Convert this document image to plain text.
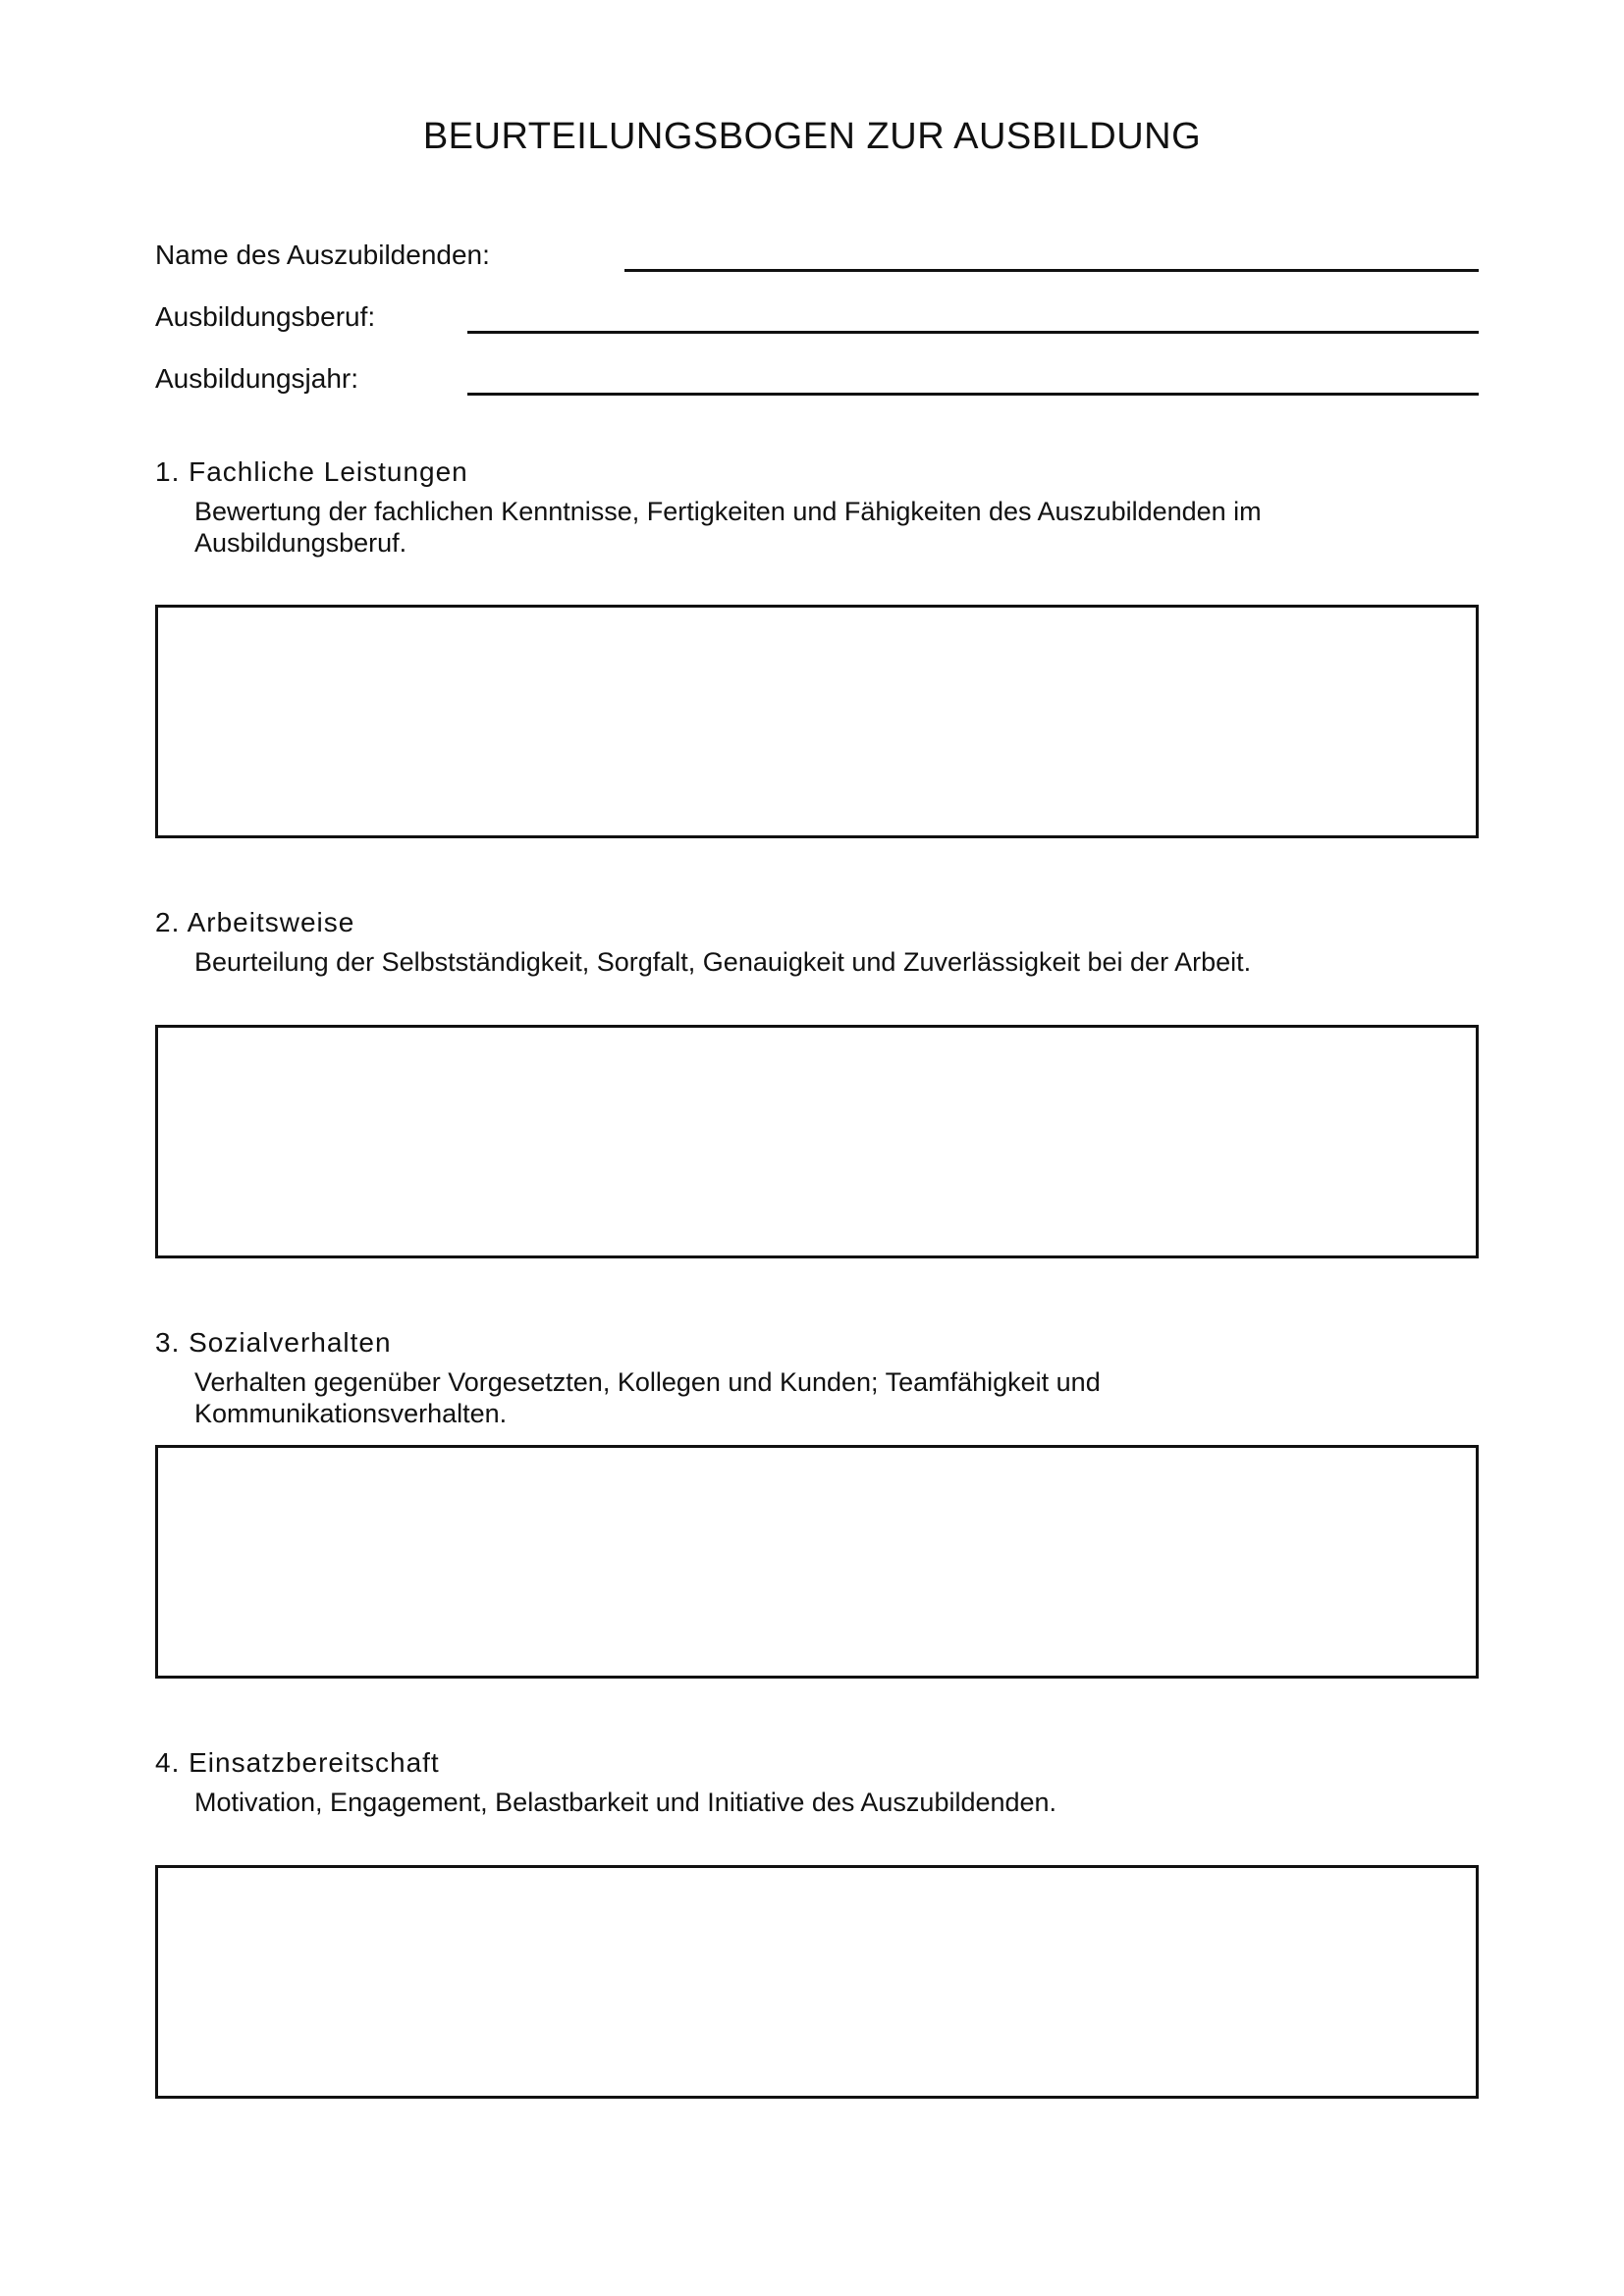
BEURTEILUNGSBOGEN ZUR AUSBILDUNG
Name des Auszubildenden:
Ausbildungsberuf:
Ausbildungsjahr:
1. Fachliche Leistungen

Bewertung der fachlichen Kenntnisse, Fertigkeiten und Fähigkeiten des Auszubildenden im Ausbildungsberuf.

2. Arbeitsweise

Beurteilung der Selbstständigkeit, Sorgfalt, Genauigkeit und Zuverlässigkeit bei der Arbeit.

3. Sozialverhalten

Verhalten gegenüber Vorgesetzten, Kollegen und Kunden; Teamfähigkeit und Kommunikationsverhalten.

4. Einsatzbereitschaft

Motivation, Engagement, Belastbarkeit und Initiative des Auszubildenden.
